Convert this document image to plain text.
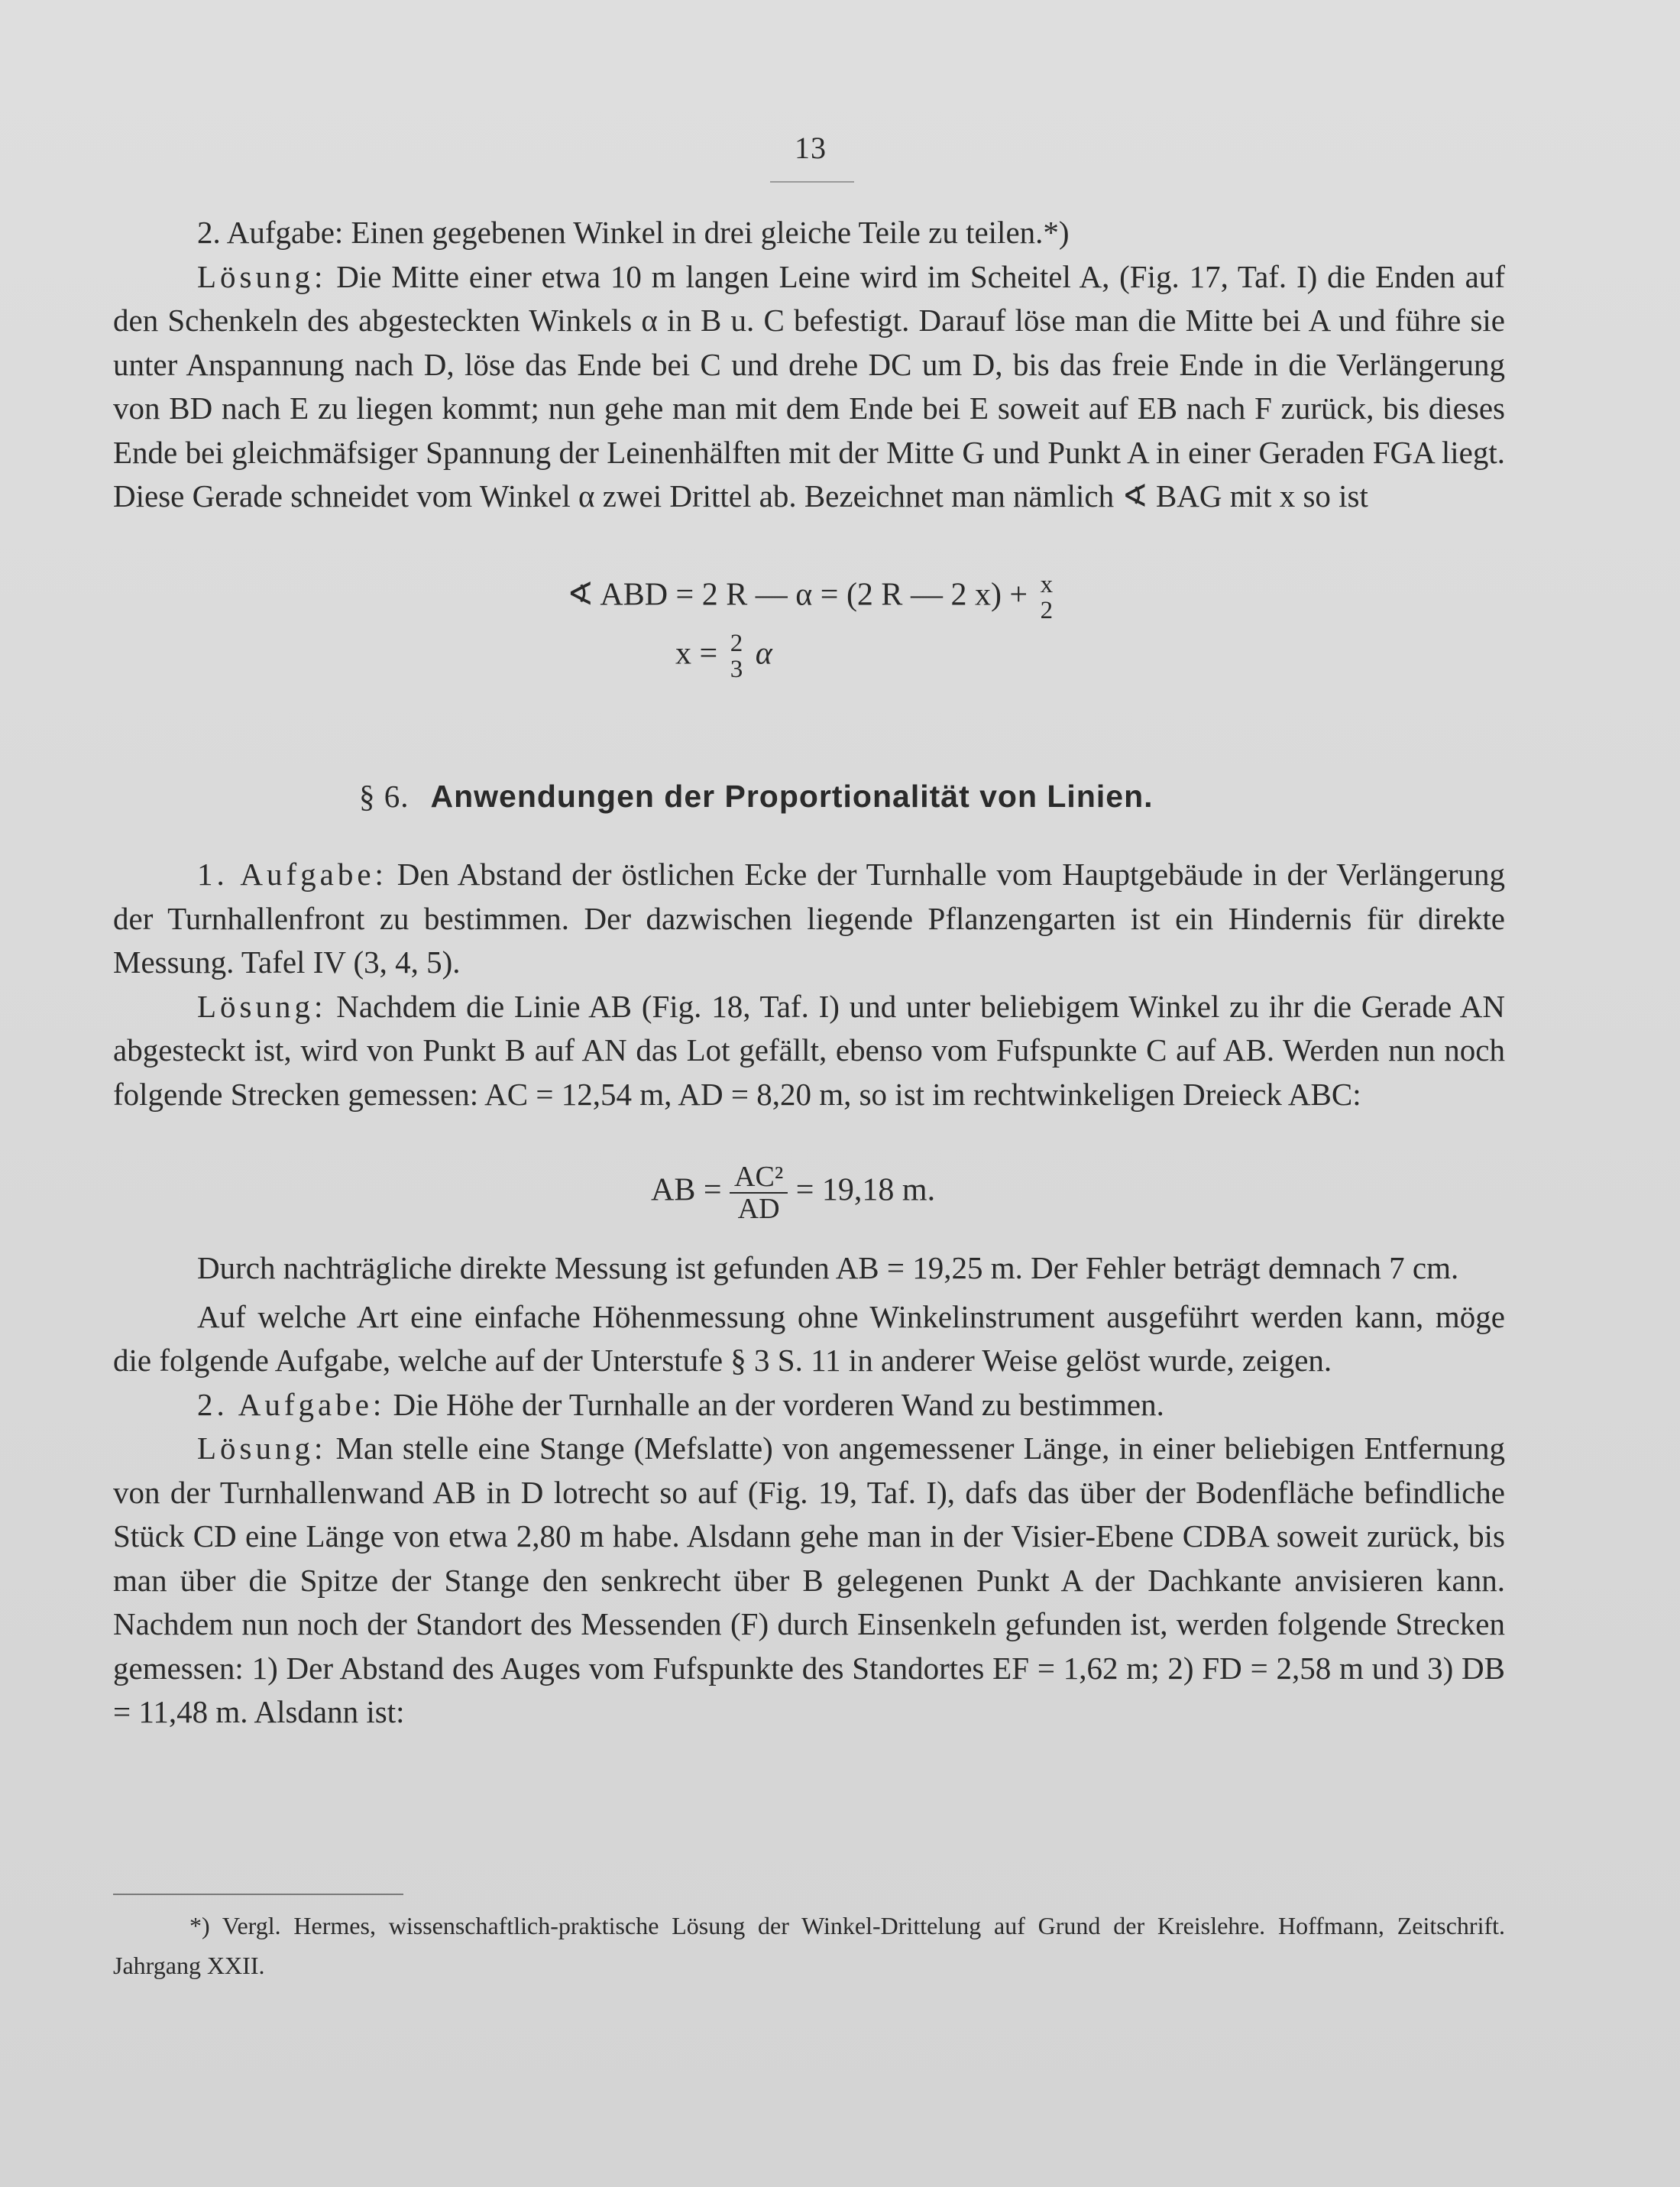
13

2. Aufgabe: Einen gegebenen Winkel in drei gleiche Teile zu teilen.*)

Lösung: Die Mitte einer etwa 10 m langen Leine wird im Scheitel A, (Fig. 17, Taf. I) die Enden auf den Schenkeln des abgesteckten Winkels α in B u. C befestigt. Darauf löse man die Mitte bei A und führe sie unter Anspannung nach D, löse das Ende bei C und drehe DC um D, bis das freie Ende in die Verlängerung von BD nach E zu liegen kommt; nun gehe man mit dem Ende bei E soweit auf EB nach F zurück, bis dieses Ende bei gleichmäfsiger Spannung der Leinenhälften mit der Mitte G und Punkt A in einer Geraden FGA liegt. Diese Gerade schneidet vom Winkel α zwei Drittel ab. Bezeichnet man nämlich ∢ BAG mit x so ist

∢ ABD = 2 R — α = (2 R — 2 x) + x
2
x = 2
3 α
§ 6. Anwendungen der Proportionalität von Linien.

1. Aufgabe: Den Abstand der östlichen Ecke der Turnhalle vom Hauptgebäude in der Verlängerung der Turnhallenfront zu bestimmen. Der dazwischen liegende Pflanzengarten ist ein Hindernis für direkte Messung. Tafel IV (3, 4, 5).

Lösung: Nachdem die Linie AB (Fig. 18, Taf. I) und unter beliebigem Winkel zu ihr die Gerade AN abgesteckt ist, wird von Punkt B auf AN das Lot gefällt, ebenso vom Fufspunkte C auf AB. Werden nun noch folgende Strecken gemessen: AC = 12,54 m, AD = 8,20 m, so ist im rechtwinkeligen Dreieck ABC:

AB = $\frac{\text{AC²}}{AD} = 19,18$ m.

Durch nachträgliche direkte Messung ist gefunden AB = 19,25 m. Der Fehler beträgt demnach 7 cm.

Auf welche Art eine einfache Höhenmessung ohne Winkelinstrument ausgeführt werden kann, möge die folgende Aufgabe, welche auf der Unterstufe § 3 S. 11 in anderer Weise gelöst wurde, zeigen.

2. Aufgabe: Die Höhe der Turnhalle an der vorderen Wand zu bestimmen.

Lösung: Man stelle eine Stange (Mefslatte) von angemessener Länge, in einer beliebigen Entfernung von der Turnhallenwand AB in D lotrecht so auf (Fig. 19, Taf. I), dafs das über der Bodenfläche befindliche Stück CD eine Länge von etwa 2,80 m habe. Alsdann gehe man in der Visier-Ebene CDBA soweit zurück, bis man über die Spitze der Stange den senkrecht über B gelegenen Punkt A der Dachkante anvisieren kann. Nachdem nun noch der Standort des Messenden (F) durch Einsenkeln gefunden ist, werden folgende Strecken gemessen: 1) Der Abstand des Auges vom Fufspunkte des Standortes EF = 1,62 m; 2) FD = 2,58 m und 3) DB = 11,48 m. Alsdann ist:

*) Vergl. Hermes, wissenschaftlich-praktische Lösung der Winkel-Drittelung auf Grund der Kreislehre. Hoffmann, Zeitschrift. Jahrgang XXII.
